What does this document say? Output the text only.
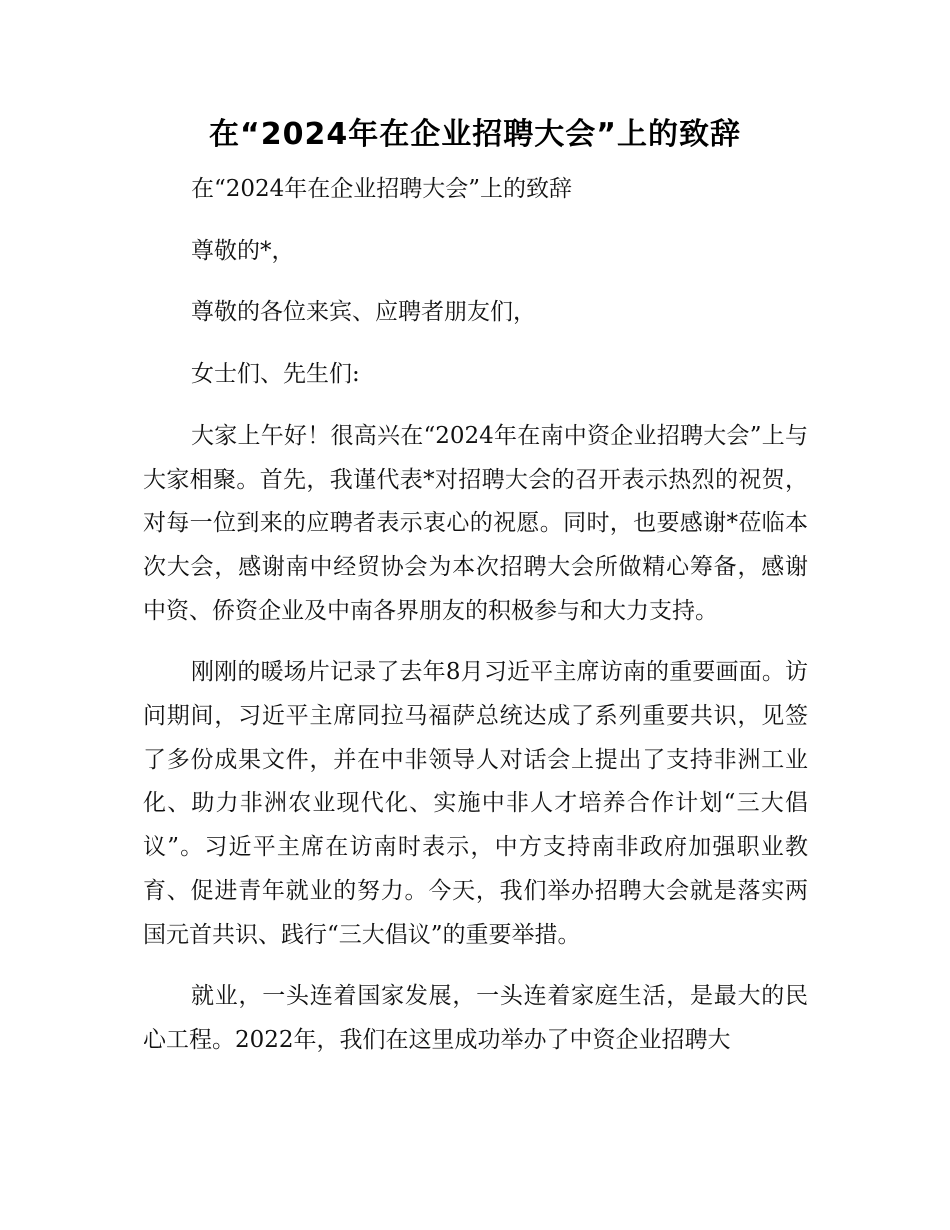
在“2024年在企业招聘大会”上的致辞

在“2024年在企业招聘大会”上的致辞

尊敬的*，

尊敬的各位来宾、应聘者朋友们，

女士们、先生们:

大家上午好！很高兴在“2024年在南中资企业招聘大会”上与大家相聚。首先，我谨代表*对招聘大会的召开表示热烈的祝贺，对每一位到来的应聘者表示衷心的祝愿。同时，也要感谢*莅临本次大会，感谢南中经贸协会为本次招聘大会所做精心筹备，感谢中资、侨资企业及中南各界朋友的积极参与和大力支持。

刚刚的暖场片记录了去年8月习近平主席访南的重要画面。访问期间，习近平主席同拉马福萨总统达成了系列重要共识，见签了多份成果文件，并在中非领导人对话会上提出了支持非洲工业化、助力非洲农业现代化、实施中非人才培养合作计划“三大倡议”。习近平主席在访南时表示，中方支持南非政府加强职业教育、促进青年就业的努力。今天，我们举办招聘大会就是落实两国元首共识、践行“三大倡议”的重要举措。

就业，一头连着国家发展，一头连着家庭生活，是最大的民心工程。2022年，我们在这里成功举办了中资企业招聘大
